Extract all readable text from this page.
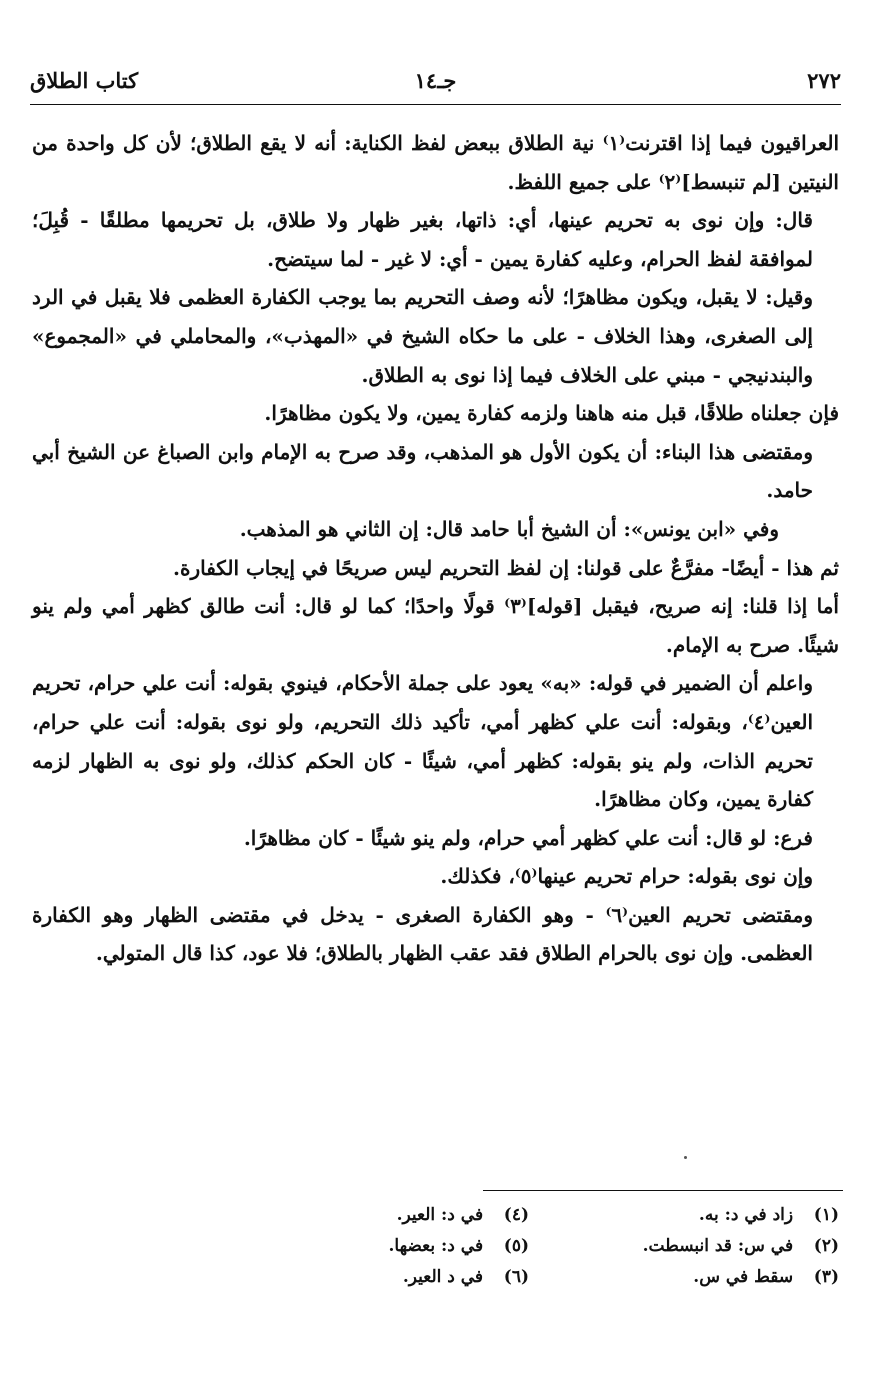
٢٧٢
جـ١٤
كتاب الطلاق

العراقيون فيما إذا اقترنت⁽١⁾ نية الطلاق ببعض لفظ الكناية: أنه لا يقع الطلاق؛ لأن كل واحدة من النيتين [لم تنبسط]⁽٢⁾ على جميع اللفظ.

قال: وإن نوى به تحريم عينها، أي: ذاتها، بغير ظهار ولا طلاق، بل تحريمها مطلقًا - قُبِلَ؛ لموافقة لفظ الحرام، وعليه كفارة يمين - أي: لا غير - لما سيتضح.

وقيل: لا يقبل، ويكون مظاهرًا؛ لأنه وصف التحريم بما يوجب الكفارة العظمى فلا يقبل في الرد إلى الصغرى، وهذا الخلاف - على ما حكاه الشيخ في «المهذب»، والمحاملي في «المجموع» والبندنيجي - مبني على الخلاف فيما إذا نوى به الطلاق.

فإن جعلناه طلاقًا، قبل منه هاهنا ولزمه كفارة يمين، ولا يكون مظاهرًا.

ومقتضى هذا البناء: أن يكون الأول هو المذهب، وقد صرح به الإمام وابن الصباغ عن الشيخ أبي حامد.

وفي «ابن يونس»: أن الشيخ أبا حامد قال: إن الثاني هو المذهب.

ثم هذا - أيضًا- مفرَّعٌ على قولنا: إن لفظ التحريم ليس صريحًا في إيجاب الكفارة.

أما إذا قلنا: إنه صريح، فيقبل [قوله]⁽٣⁾ قولًا واحدًا؛ كما لو قال: أنت طالق كظهر أمي ولم ينو شيئًا. صرح به الإمام.

واعلم أن الضمير في قوله: «به» يعود على جملة الأحكام، فينوي بقوله: أنت علي حرام، تحريم العين⁽٤⁾، وبقوله: أنت علي كظهر أمي، تأكيد ذلك التحريم، ولو نوى بقوله: أنت علي حرام، تحريم الذات، ولم ينو بقوله: كظهر أمي، شيئًا - كان الحكم كذلك، ولو نوى به الظهار لزمه كفارة يمين، وكان مظاهرًا.

فرع: لو قال: أنت علي كظهر أمي حرام، ولم ينو شيئًا - كان مظاهرًا.

وإن نوى بقوله: حرام تحريم عينها⁽٥⁾، فكذلك.

ومقتضى تحريم العين⁽٦⁾ - وهو الكفارة الصغرى - يدخل في مقتضى الظهار وهو الكفارة العظمى. وإن نوى بالحرام الطلاق فقد عقب الظهار بالطلاق؛ فلا عود، كذا قال المتولي.

(١) زاد في د: به.
(٢) في س: قد انبسطت.
(٣) سقط في س.
(٤) في د: العير.
(٥) في د: بعضها.
(٦) في د العير.
